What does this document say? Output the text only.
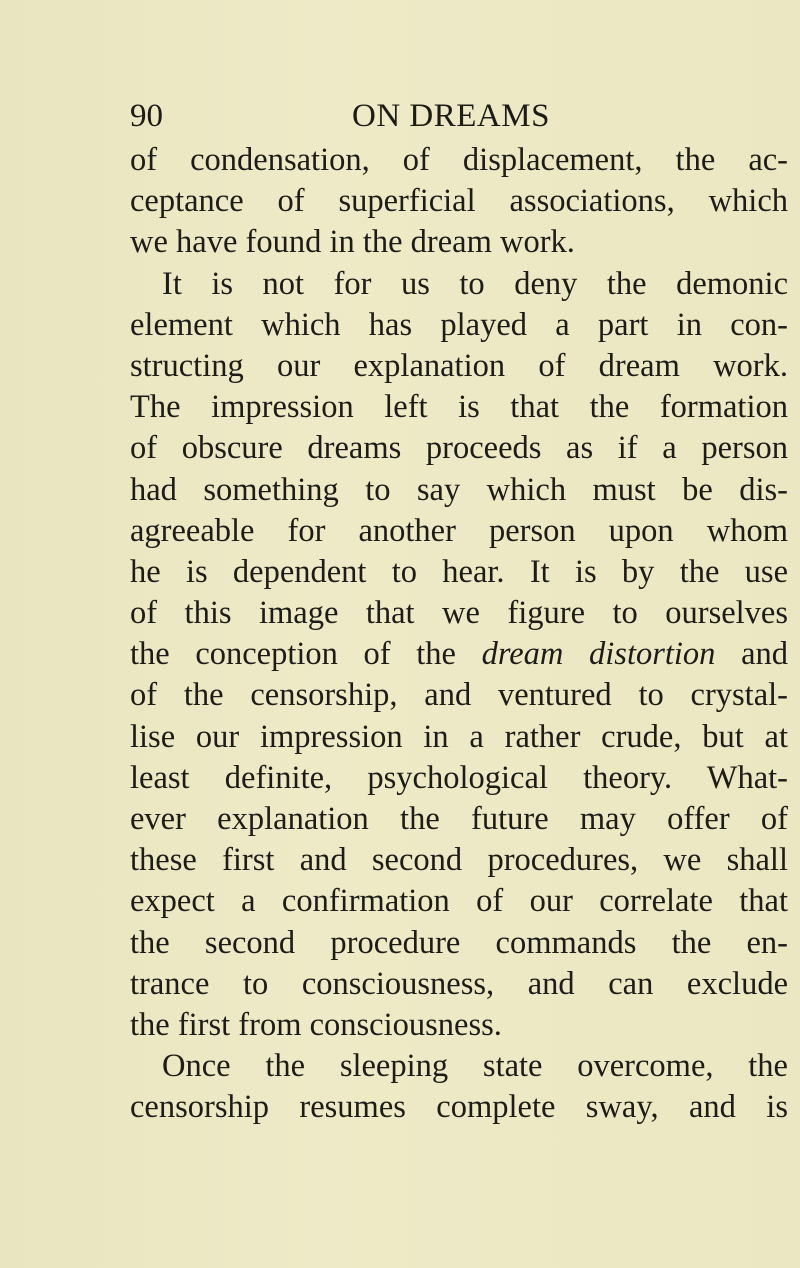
90	ON DREAMS
of condensation, of displacement, the ac-
ceptance of superficial associations, which
we have found in the dream work.
It is not for us to deny the demonic
element which has played a part in con-
structing our explanation of dream work.
The impression left is that the formation
of obscure dreams proceeds as if a person
had something to say which must be dis-
agreeable for another person upon whom
he is dependent to hear. It is by the use
of this image that we figure to ourselves
the conception of the dream distortion and
of the censorship, and ventured to crystal-
lise our impression in a rather crude, but at
least definite, psychological theory. What-
ever explanation the future may offer of
these first and second procedures, we shall
expect a confirmation of our correlate that
the second procedure commands the en-
trance to consciousness, and can exclude
the first from consciousness.
Once the sleeping state overcome, the
censorship resumes complete sway, and is
